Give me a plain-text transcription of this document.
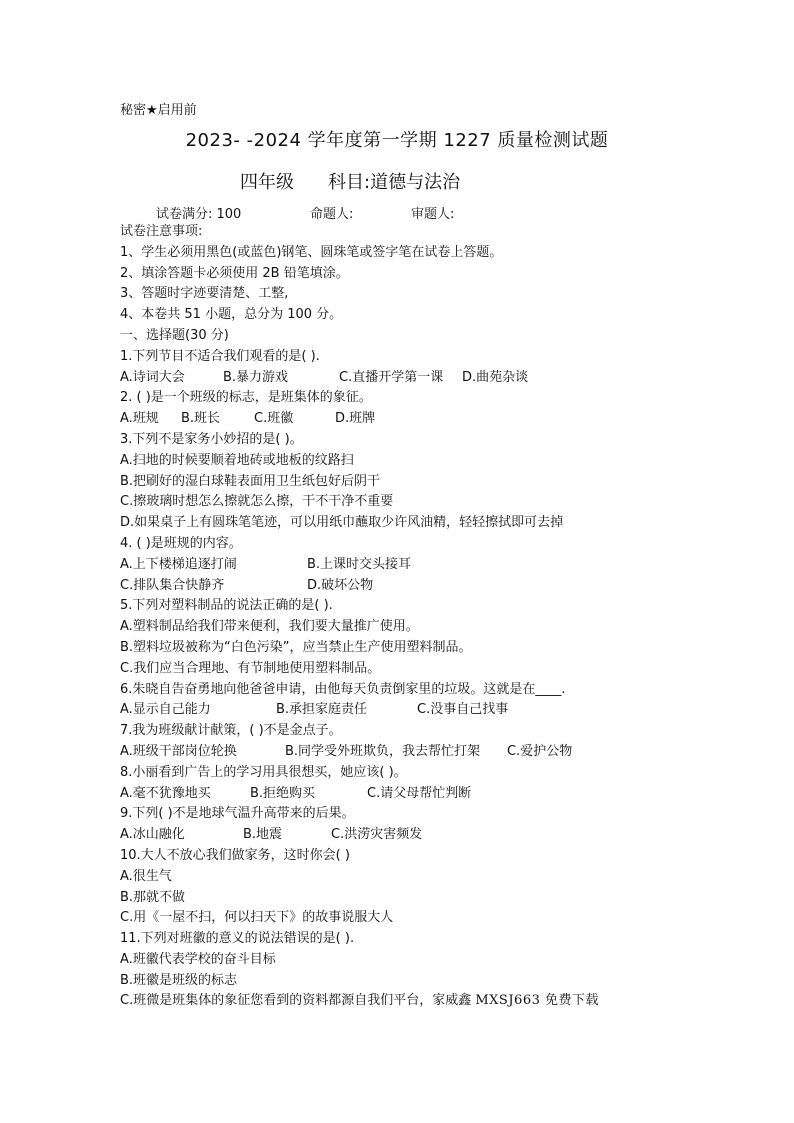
秘密★启用前
2023- -2024 学年度第一学期 1227 质量检测试题
四年级 科目:道德与法治
试卷满分: 100	命题人:	审题人:
试卷注意事项:
1、学生必须用黑色(或蓝色)钢笔、圆珠笔或签字笔在试卷上答题。
2、填涂答题卡必须使用 2B 铅笔填涂。
3、答题时字迹要清楚、工整,
4、本卷共 51 小题，总分为 100 分。
一、选择题(30 分)
1.下列节目不适合我们观看的是( ).
A.诗词大会	B.暴力游戏	C.直播开学第一课	D.曲苑杂谈
2. ( )是一个班级的标志，是班集体的象征。
A.班规	B.班长	C.班徽	D.班牌
3.下列不是家务小妙招的是( )。
A.扫地的时候要顺着地砖或地板的纹路扫
B.把刷好的湿白球鞋表面用卫生纸包好后阴干
C.擦玻璃时想怎么擦就怎么擦，干不干净不重要
D.如果桌子上有圆珠笔笔迹，可以用纸巾蘸取少许风油精，轻轻擦拭即可去掉
4. ( )是班规的内容。
A.上下楼梯追逐打闹	B.上课时交头接耳
C.排队集合快静齐	D.破坏公物
5.下列对塑料制品的说法正确的是( ).
A.塑料制品给我们带来便利，我们要大量推广使用。
B.塑料垃圾被称为“白色污染”，应当禁止生产使用塑料制品。
C.我们应当合理地、有节制地使用塑料制品。
6.朱晓自告奋勇地向他爸爸申请，由他每天负责倒家里的垃圾。这就是在____.
A.显示自己能力	B.承担家庭责任	C.没事自己找事
7.我为班级献计献策，( )不是金点子。
A.班级干部岗位轮换	B.同学受外班欺负，我去帮忙打架	C.爱护公物
8.小丽看到广告上的学习用具很想买，她应该( )。
A.毫不犹豫地买	B.拒绝购买	C.请父母帮忙判断
9.下列( )不是地球气温升高带来的后果。
A.冰山融化	B.地震	C.洪涝灾害频发
10.大人不放心我们做家务，这时你会( )
A.很生气
B.那就不做
C.用《一屋不扫，何以扫天下》的故事说服大人
11.下列对班徽的意义的说法错误的是( ).
A.班徽代表学校的奋斗目标
B.班徽是班级的标志
C.班微是班集体的象征您看到的资料都源自我们平台，家威鑫 MXSJ663 免费下载
